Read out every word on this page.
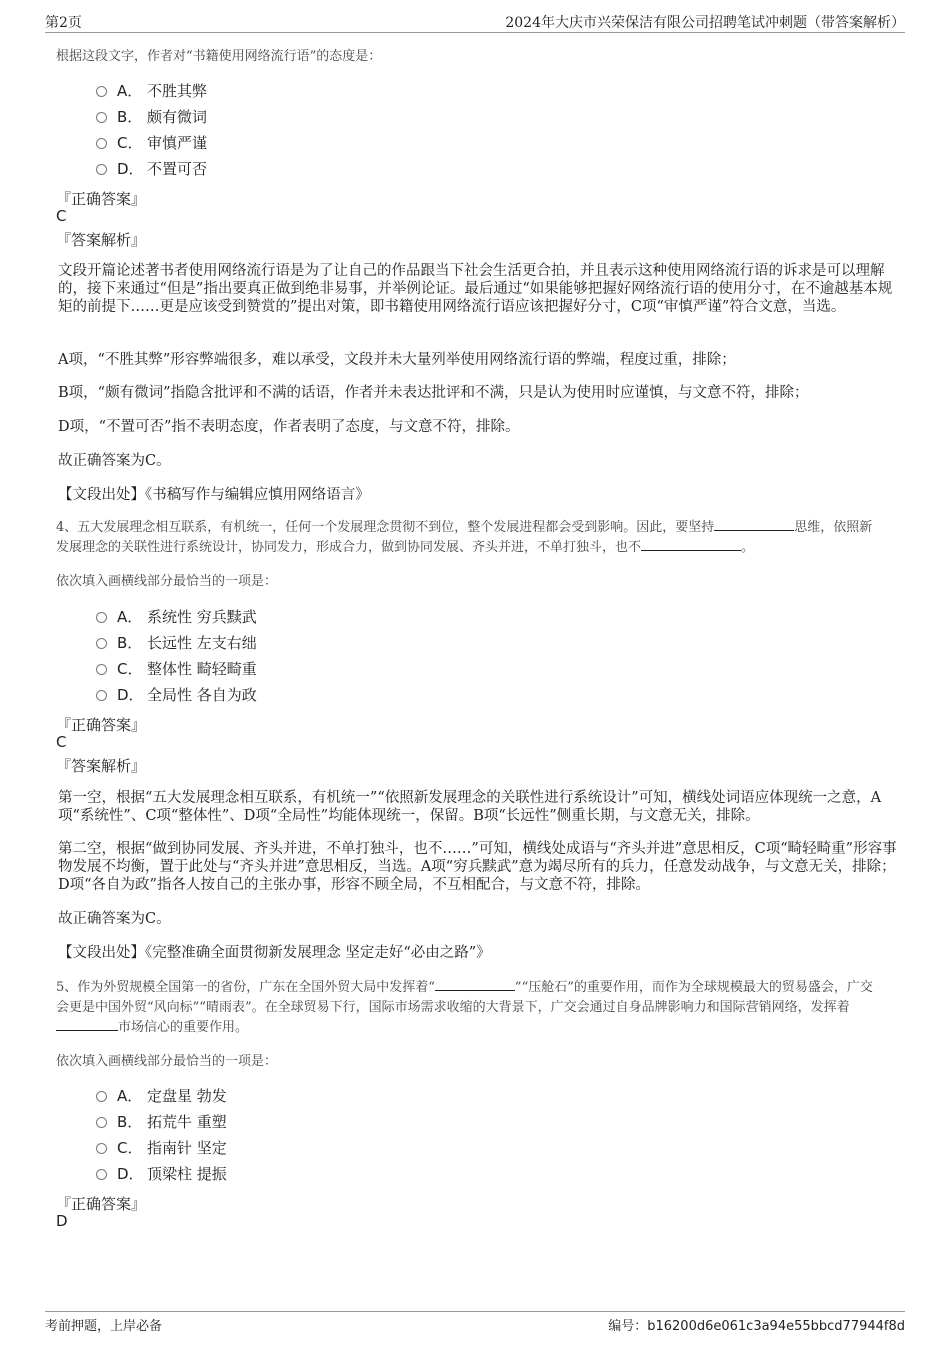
第2页	2024年大庆市兴荣保洁有限公司招聘笔试冲刺题（带答案解析）
根据这段文字，作者对“书籍使用网络流行语”的态度是：
A． 不胜其弊
B． 颇有微词
C． 审慎严谨
D． 不置可否
『正确答案』
C
『答案解析』
文段开篇论述著书者使用网络流行语是为了让自己的作品跟当下社会生活更合拍，并且表示这种使用网络流行语的诉求是可以理解的，接下来通过“但是”指出要真正做到绝非易事，并举例论证。最后通过“如果能够把握好网络流行语的使用分寸，在不逾越基本规矩的前提下……更是应该受到赞赏的”提出对策，即书籍使用网络流行语应该把握好分寸，C项“审慎严谨”符合文意，当选。
A项，“不胜其弊”形容弊端很多，难以承受，文段并未大量列举使用网络流行语的弊端，程度过重，排除；
B项，“颇有微词”指隐含批评和不满的话语，作者并未表达批评和不满，只是认为使用时应谨慎，与文意不符，排除；
D项，“不置可否”指不表明态度，作者表明了态度，与文意不符，排除。
故正确答案为C。
【文段出处】《书稿写作与编辑应慎用网络语言》
4、五大发展理念相互联系，有机统一，任何一个发展理念贯彻不到位，整个发展进程都会受到影响。因此，要坚持	思维，依照新
发展理念的关联性进行系统设计，协同发力，形成合力，做到协同发展、齐头并进，不单打独斗，也不	。
依次填入画横线部分最恰当的一项是：
A． 系统性 穷兵黩武
B． 长远性 左支右绌
C． 整体性 畸轻畸重
D． 全局性 各自为政
『正确答案』
C
『答案解析』
第一空，根据“五大发展理念相互联系，有机统一”“依照新发展理念的关联性进行系统设计”可知，横线处词语应体现统一之意，A项“系统性”、C项“整体性”、D项“全局性”均能体现统一，保留。B项“长远性”侧重长期，与文意无关，排除。
第二空，根据“做到协同发展、齐头并进，不单打独斗，也不……”可知，横线处成语与“齐头并进”意思相反，C项“畸轻畸重”形容事物发展不均衡，置于此处与“齐头并进”意思相反，当选。A项“穷兵黩武”意为竭尽所有的兵力，任意发动战争，与文意无关，排除；D项“各自为政”指各人按自己的主张办事，形容不顾全局，不互相配合，与文意不符，排除。
故正确答案为C。
【文段出处】《完整准确全面贯彻新发展理念 坚定走好“必由之路”》
5、作为外贸规模全国第一的省份，广东在全国外贸大局中发挥着“	”“压舱石”的重要作用，而作为全球规模最大的贸易盛会，广交
会更是中国外贸“风向标”“晴雨表”。在全球贸易下行，国际市场需求收缩的大背景下，广交会通过自身品牌影响力和国际营销网络，发挥着
市场信心的重要作用。
依次填入画横线部分最恰当的一项是：
A． 定盘星 勃发
B． 拓荒牛 重塑
C． 指南针 坚定
D． 顶梁柱 提振
『正确答案』
D
考前押题，上岸必备	编号：b16200d6e061c3a94e55bbcd77944f8d
